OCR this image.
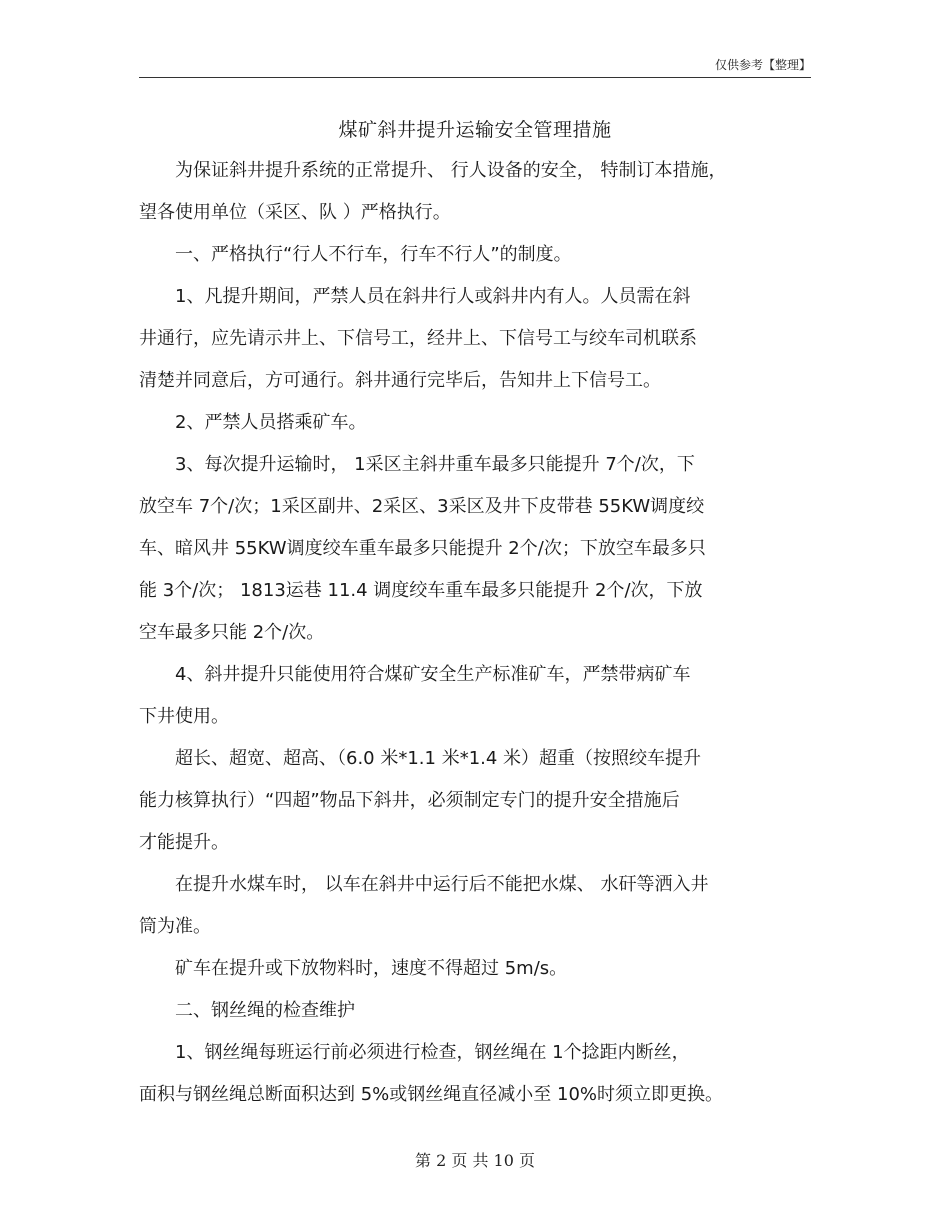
仅供参考【整理】
煤矿斜井提升运输安全管理措施
为保证斜井提升系统的正常提升、 行人设备的安全， 特制订本措施，
望各使用单位（采区、队 ）严格执行。
一、严格执行“行人不行车，行车不行人”的制度。
1、凡提升期间，严禁人员在斜井行人或斜井内有人。人员需在斜
井通行，应先请示井上、下信号工，经井上、下信号工与绞车司机联系
清楚并同意后，方可通行。斜井通行完毕后，告知井上下信号工。
2、严禁人员搭乘矿车。
3、每次提升运输时， 1采区主斜井重车最多只能提升 7个/次，下
放空车 7个/次；1采区副井、2采区、3采区及井下皮带巷 55KW调度绞
车、暗风井 55KW调度绞车重车最多只能提升 2个/次；下放空车最多只
能 3个/次； 1813运巷 11.4 调度绞车重车最多只能提升 2个/次，下放
空车最多只能 2个/次。
4、斜井提升只能使用符合煤矿安全生产标准矿车，严禁带病矿车
下井使用。
超长、超宽、超高、（6.0 米*1.1 米*1.4 米）超重（按照绞车提升
能力核算执行）“四超”物品下斜井，必须制定专门的提升安全措施后
才能提升。
在提升水煤车时， 以车在斜井中运行后不能把水煤、 水矸等洒入井
筒为准。
矿车在提升或下放物料时，速度不得超过 5m/s。
二、钢丝绳的检查维护
1、钢丝绳每班运行前必须进行检查，钢丝绳在 1个捻距内断丝，
面积与钢丝绳总断面积达到 5%或钢丝绳直径减小至 10%时须立即更换。
第 2 页 共 10 页
